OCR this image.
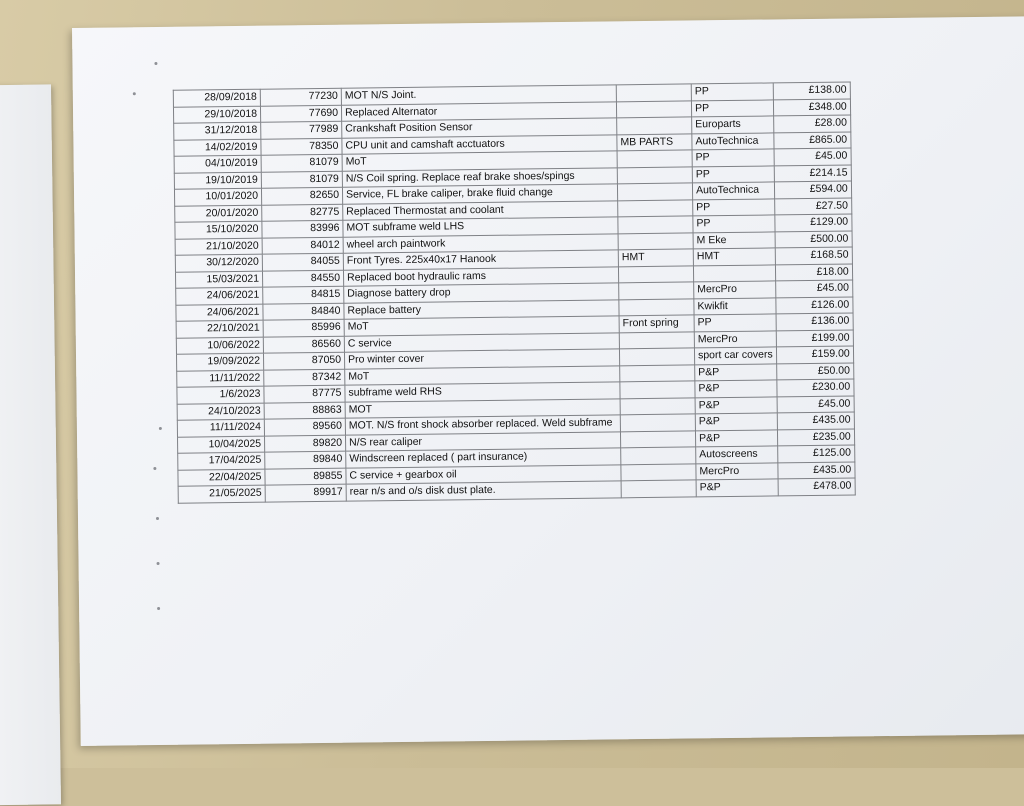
28/09/2018	77230	MOT N/S Joint.		PP	£138.00
29/10/2018	77690	Replaced Alternator		PP	£348.00
31/12/2018	77989	Crankshaft Position Sensor		Europarts	£28.00
14/02/2019	78350	CPU unit and camshaft acctuators	MB PARTS	AutoTechnica	£865.00
04/10/2019	81079	MoT		PP	£45.00
19/10/2019	81079	N/S Coil spring. Replace reaf brake shoes/spings		PP	£214.15
10/01/2020	82650	Service, FL brake caliper, brake fluid change		AutoTechnica	£594.00
20/01/2020	82775	Replaced Thermostat and coolant		PP	£27.50
15/10/2020	83996	MOT subframe weld LHS		PP	£129.00
21/10/2020	84012	wheel arch paintwork		M Eke	£500.00
30/12/2020	84055	Front Tyres. 225x40x17 Hanook	HMT	HMT	£168.50
15/03/2021	84550	Replaced boot hydraulic rams			£18.00
24/06/2021	84815	Diagnose battery drop		MercPro	£45.00
24/06/2021	84840	Replace battery		Kwikfit	£126.00
22/10/2021	85996	MoT	Front spring	PP	£136.00
10/06/2022	86560	C service		MercPro	£199.00
19/09/2022	87050	Pro winter cover		sport car covers	£159.00
11/11/2022	87342	MoT		P&P	£50.00
1/6/2023	87775	subframe weld RHS		P&P	£230.00
24/10/2023	88863	MOT		P&P	£45.00
11/11/2024	89560	MOT. N/S front shock absorber replaced. Weld subframe		P&P	£435.00
10/04/2025	89820	N/S rear caliper		P&P	£235.00
17/04/2025	89840	Windscreen replaced ( part insurance)		Autoscreens	£125.00
22/04/2025	89855	C service + gearbox oil		MercPro	£435.00
21/05/2025	89917	rear n/s and o/s disk dust plate.		P&P	£478.00
